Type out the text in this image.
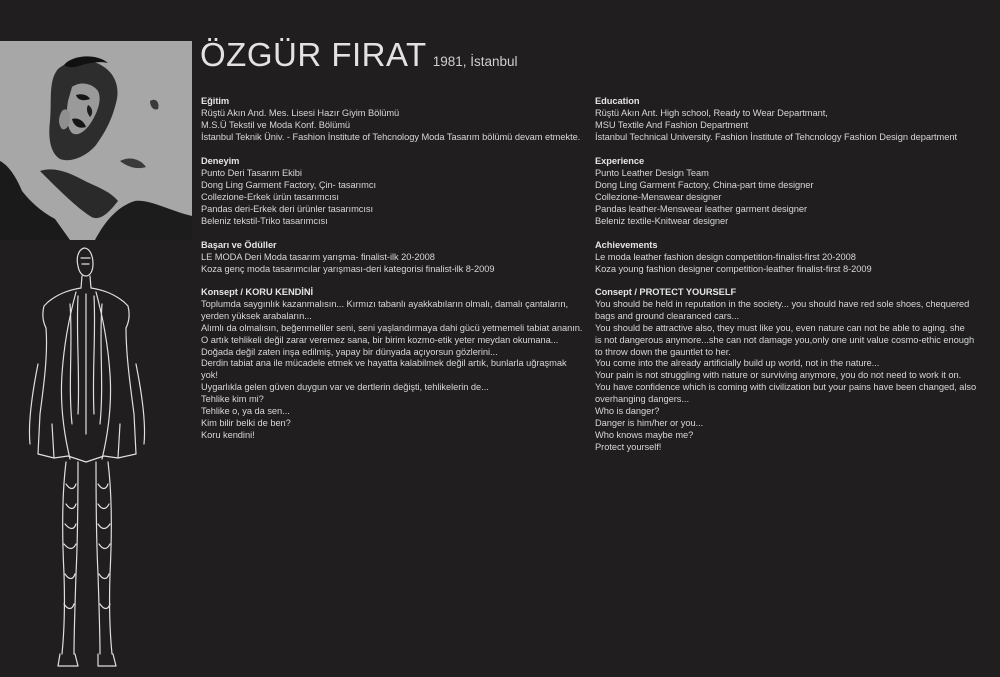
ÖZGÜR FIRAT 1981, İstanbul
Eğitim
Rüştü Akın And. Mes. Lisesi Hazır Giyim Bölümü
M.S.Ü Tekstil ve Moda Konf. Bölümü
İstanbul Teknik Üniv. - Fashion İnstitute of Tehcnology Moda Tasarım bölümü devam etmekte.
Deneyim
Punto Deri Tasarım Ekibi
Dong Ling Garment Factory, Çin- tasarımcı
Collezione-Erkek ürün tasarımcısı
Pandas deri-Erkek deri ürünler tasarımcısı
Beleniz tekstil-Triko tasarımcısı
Başarı ve Ödüller
LE MODA Deri Moda tasarım yarışma- finalist-ilk 20-2008
Koza genç moda tasarımcılar yarışması-deri kategorisi finalist-ilk 8-2009
Konsept / KORU KENDİNİ
Toplumda saygınlık kazanmalısın... Kırmızı tabanlı ayakkabıların olmalı, damalı çantaların,
yerden yüksek arabaların...
Alımlı da olmalısın, beğenmeliler seni, seni yaşlandırmaya dahi gücü yetmemeli tabiat ananın.
O artık tehlikeli değil zarar veremez sana, bir birim kozmo-etik yeter meydan okumana...
Doğada değil zaten inşa edilmiş, yapay bir dünyada açıyorsun gözlerini...
Derdin tabiat ana ile mücadele etmek ve hayatta kalabilmek değil artık, bunlarla uğraşmak
yok!
Uygarlıkla gelen güven duygun var ve dertlerin değişti, tehlikelerin de...
Tehlike kim mi?
Tehlike o, ya da sen...
Kim bilir belki de ben?
Koru kendini!
Education
Rüştü Akın Ant. High school, Ready to Wear Departmant,
MSU Textile And Fashion Department
İstanbul Technical University. Fashion İnstitute of Tehcnology Fashion Design department
Experience
Punto Leather Design Team
Dong Ling Garment Factory, China-part time designer
Collezione-Menswear designer
Pandas leather-Menswear leather garment designer
Beleniz textile-Knitwear designer
Achievements
Le moda leather fashion design competition-finalist-first 20-2008
Koza young fashion designer competition-leather finalist-first 8-2009
Consept / PROTECT YOURSELF
You should be held in reputation in the society... you should have red sole shoes, chequered
bags and ground clearanced cars...
You should be attractive also, they must like you, even nature can not be able to aging. she
is not dangerous anymore...she can not damage you,only one unit value cosmo-ethic enough
to throw down the gauntlet to her.
You come into the already artificially build up world, not in the nature...
Your pain is not struggling with nature or surviving anymore, you do not need to work it on.
You have confidence which is coming with civilization but your pains have been changed, also
overhanging dangers...
Who is danger?
Danger is him/her or you...
Who knows maybe me?
Protect yourself!
